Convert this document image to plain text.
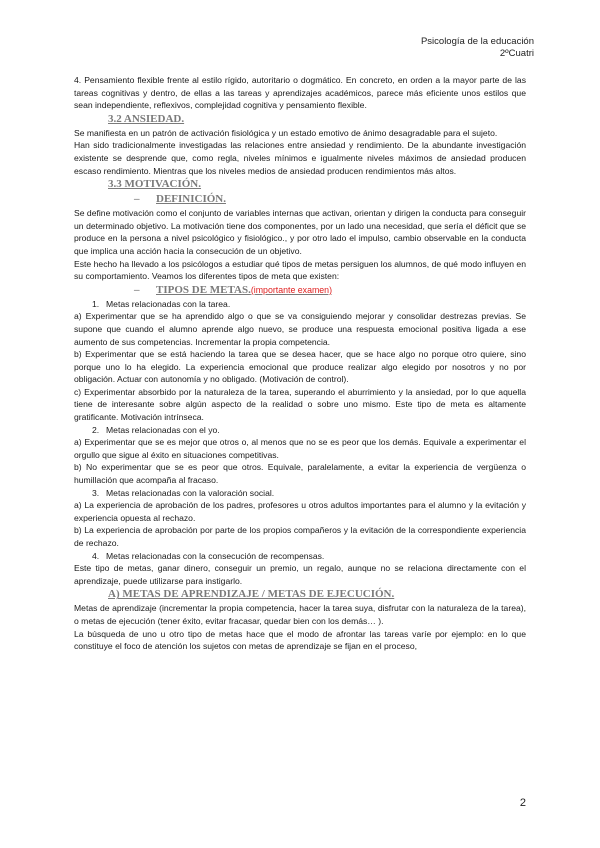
Psicología de la educación
2ºCuatri

4. Pensamiento flexible frente al estilo rígido, autoritario o dogmático. En concreto, en orden a la mayor parte de las tareas cognitivas y dentro, de ellas a las tareas y aprendizajes académicos, parece más eficiente unos estilos que sean independiente, reflexivos, complejidad cognitiva y pensamiento flexible.

3.2 ANSIEDAD.

Se manifiesta en un patrón de activación fisiológica y un estado emotivo de ánimo desagradable para el sujeto.

Han sido tradicionalmente investigadas las relaciones entre ansiedad y rendimiento. De la abundante investigación existente se desprende que, como regla, niveles mínimos e igualmente niveles máximos de ansiedad producen escaso rendimiento. Mientras que los niveles medios de ansiedad producen rendimientos más altos.

3.3 MOTIVACIÓN.
– DEFINICIÓN.

Se define motivación como el conjunto de variables internas que activan, orientan y dirigen la conducta para conseguir un determinado objetivo. La motivación tiene dos componentes, por un lado una necesidad, que sería el déficit que se produce en la persona a nivel psicológico y fisiológico., y por otro lado el impulso, cambio observable en la conducta que implica una acción hacia la consecución de un objetivo.

Este hecho ha llevado a los psicólogos a estudiar qué tipos de metas persiguen los alumnos, de qué modo influyen en su comportamiento. Veamos los diferentes tipos de meta que existen:

– TIPOS DE METAS.(importante examen)

1. Metas relacionadas con la tarea.

a) Experimentar que se ha aprendido algo o que se va consiguiendo mejorar y consolidar destrezas previas. Se supone que cuando el alumno aprende algo nuevo, se produce una respuesta emocional positiva ligada a ese aumento de sus competencias. Incrementar la propia competencia.

b) Experimentar que se está haciendo la tarea que se desea hacer, que se hace algo no porque otro quiere, sino porque uno lo ha elegido. La experiencia emocional que produce realizar algo elegido por nosotros y no por obligación. Actuar con autonomía y no obligado. (Motivación de control).

c) Experimentar absorbido por la naturaleza de la tarea, superando el aburrimiento y la ansiedad, por lo que aquella tiene de interesante sobre algún aspecto de la realidad o sobre uno mismo. Este tipo de meta es altamente gratificante. Motivación intrínseca.

2. Metas relacionadas con el yo.

a) Experimentar que se es mejor que otros o, al menos que no se es peor que los demás. Equivale a experimentar el orgullo que sigue al éxito en situaciones competitivas.

b) No experimentar que se es peor que otros. Equivale, paralelamente, a evitar la experiencia de vergüenza o humillación que acompaña al fracaso.

3. Metas relacionadas con la valoración social.

a) La experiencia de aprobación de los padres, profesores u otros adultos importantes para el alumno y la evitación y experiencia opuesta al rechazo.

b) La experiencia de aprobación por parte de los propios compañeros y la evitación de la correspondiente experiencia de rechazo.

4. Metas relacionadas con la consecución de recompensas.

Este tipo de metas, ganar dinero, conseguir un premio, un regalo, aunque no se relaciona directamente con el aprendizaje, puede utilizarse para instigarlo.

A) METAS DE APRENDIZAJE / METAS DE EJECUCIÓN.

Metas de aprendizaje (incrementar la propia competencia, hacer la tarea suya, disfrutar con la naturaleza de la tarea), o metas de ejecución (tener éxito, evitar fracasar, quedar bien con los demás… ).

La búsqueda de uno u otro tipo de metas hace que el modo de afrontar las tareas varíe por ejemplo: en lo que constituye el foco de atención los sujetos con metas de aprendizaje se fijan en el proceso,

2
